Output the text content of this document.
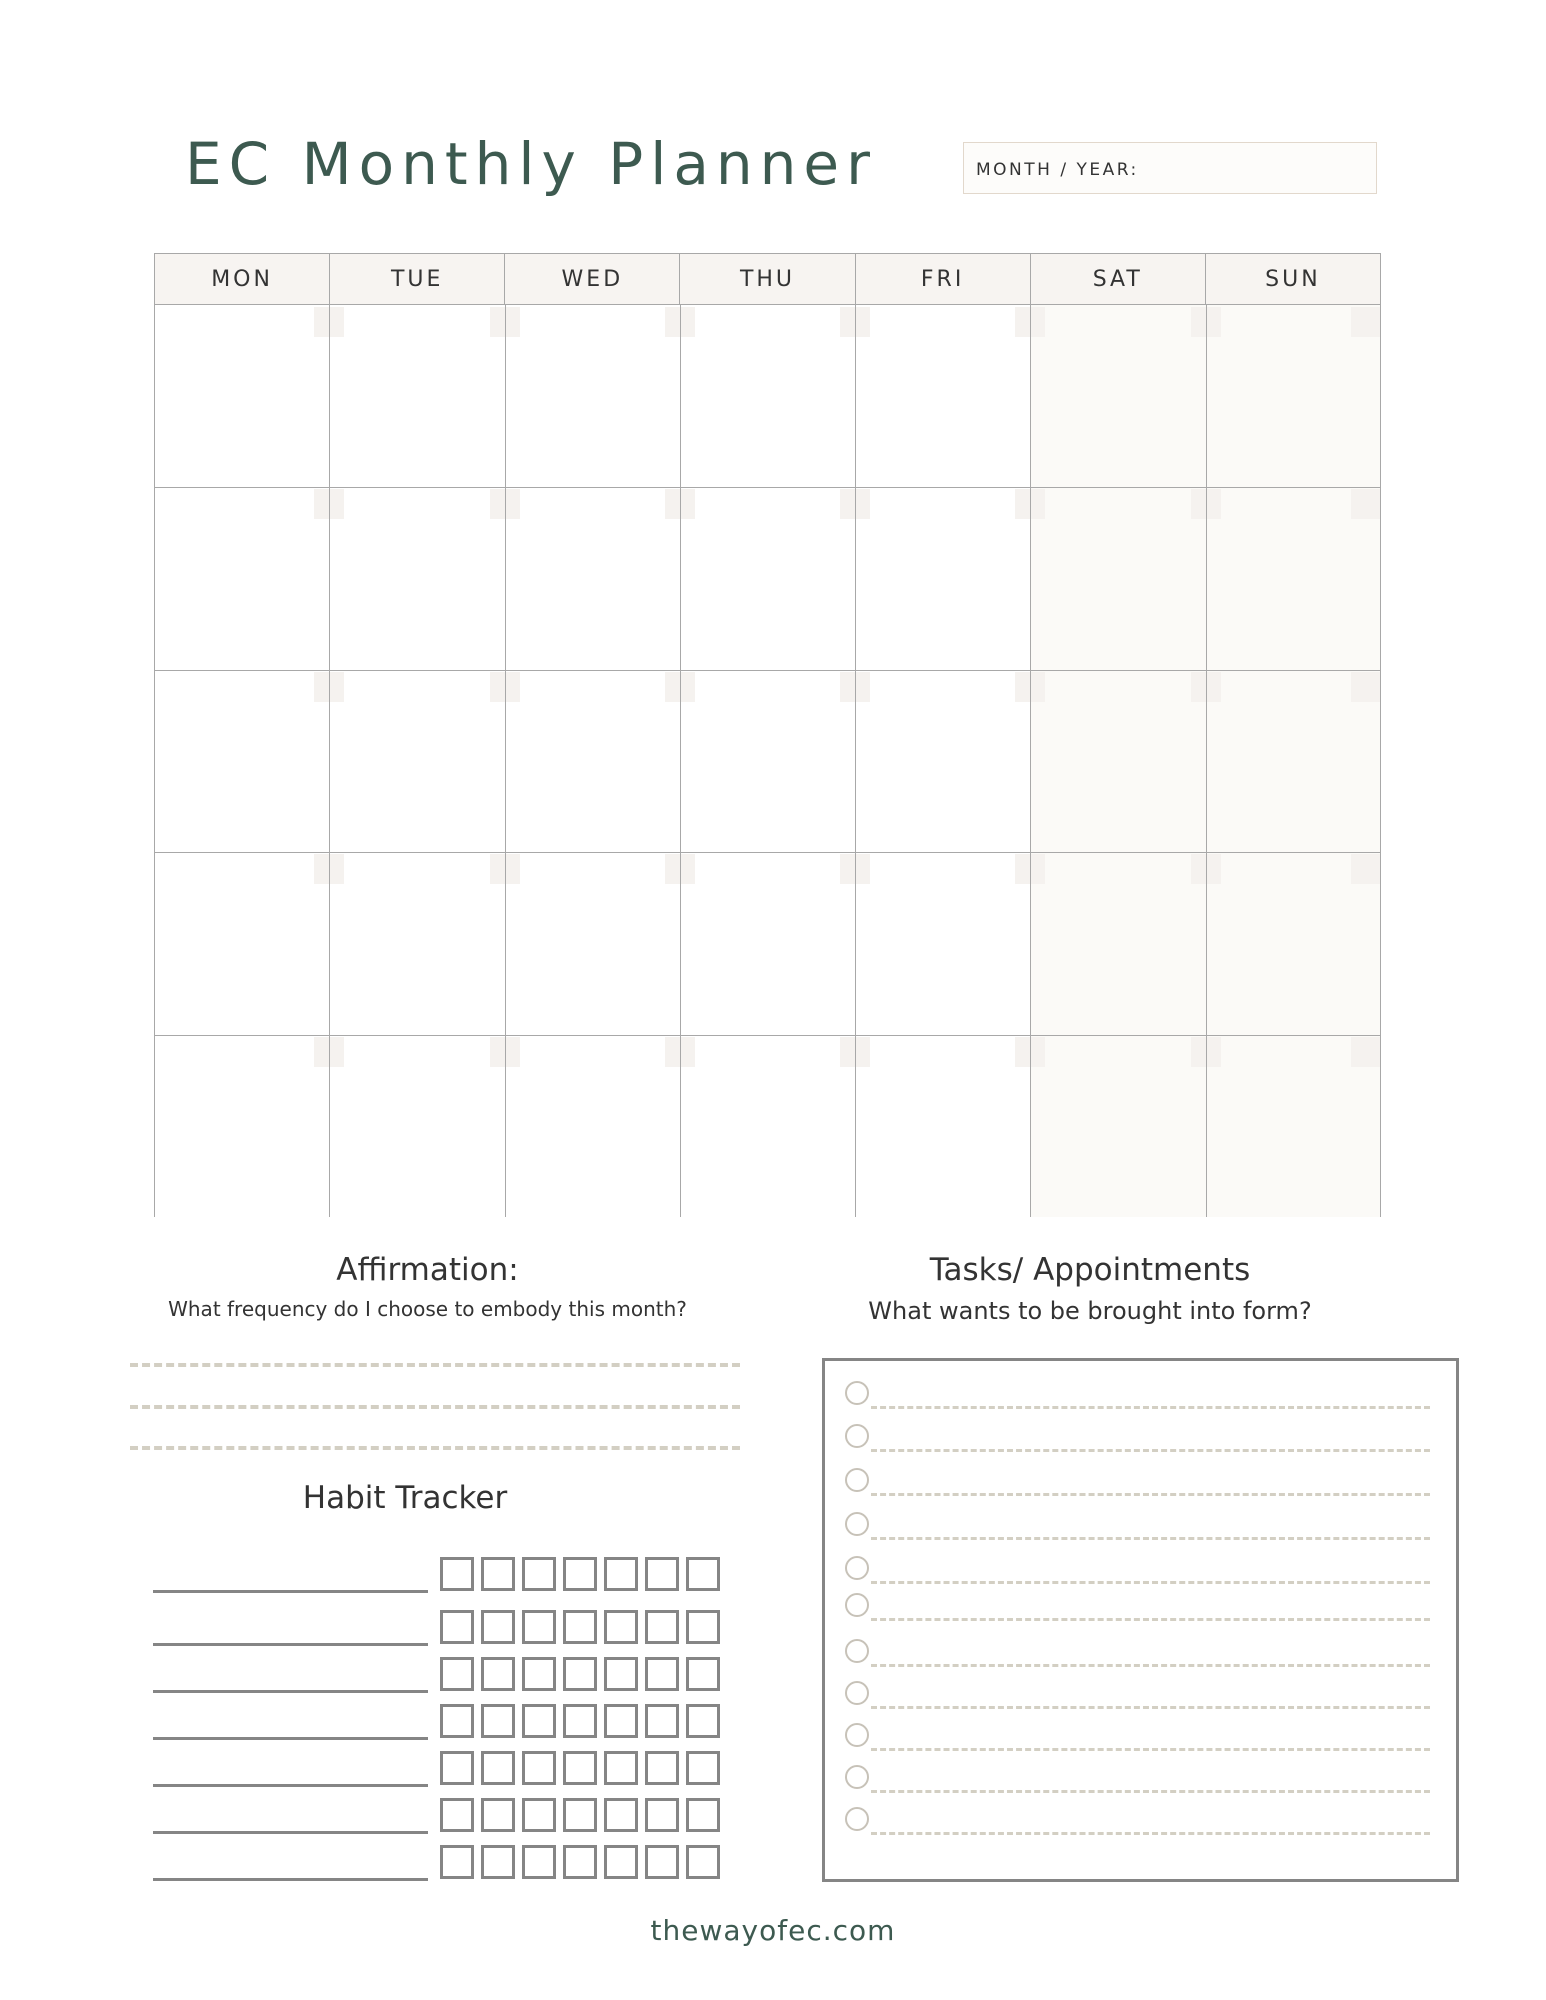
EC Monthly Planner	MONTH / YEAR:
MON	TUE	WED	THU	FRI	SAT	SUN
Affirmation:
What frequency do I choose to embody this month?
Habit Tracker
Tasks/ Appointments
What wants to be brought into form?
thewayofec.com
